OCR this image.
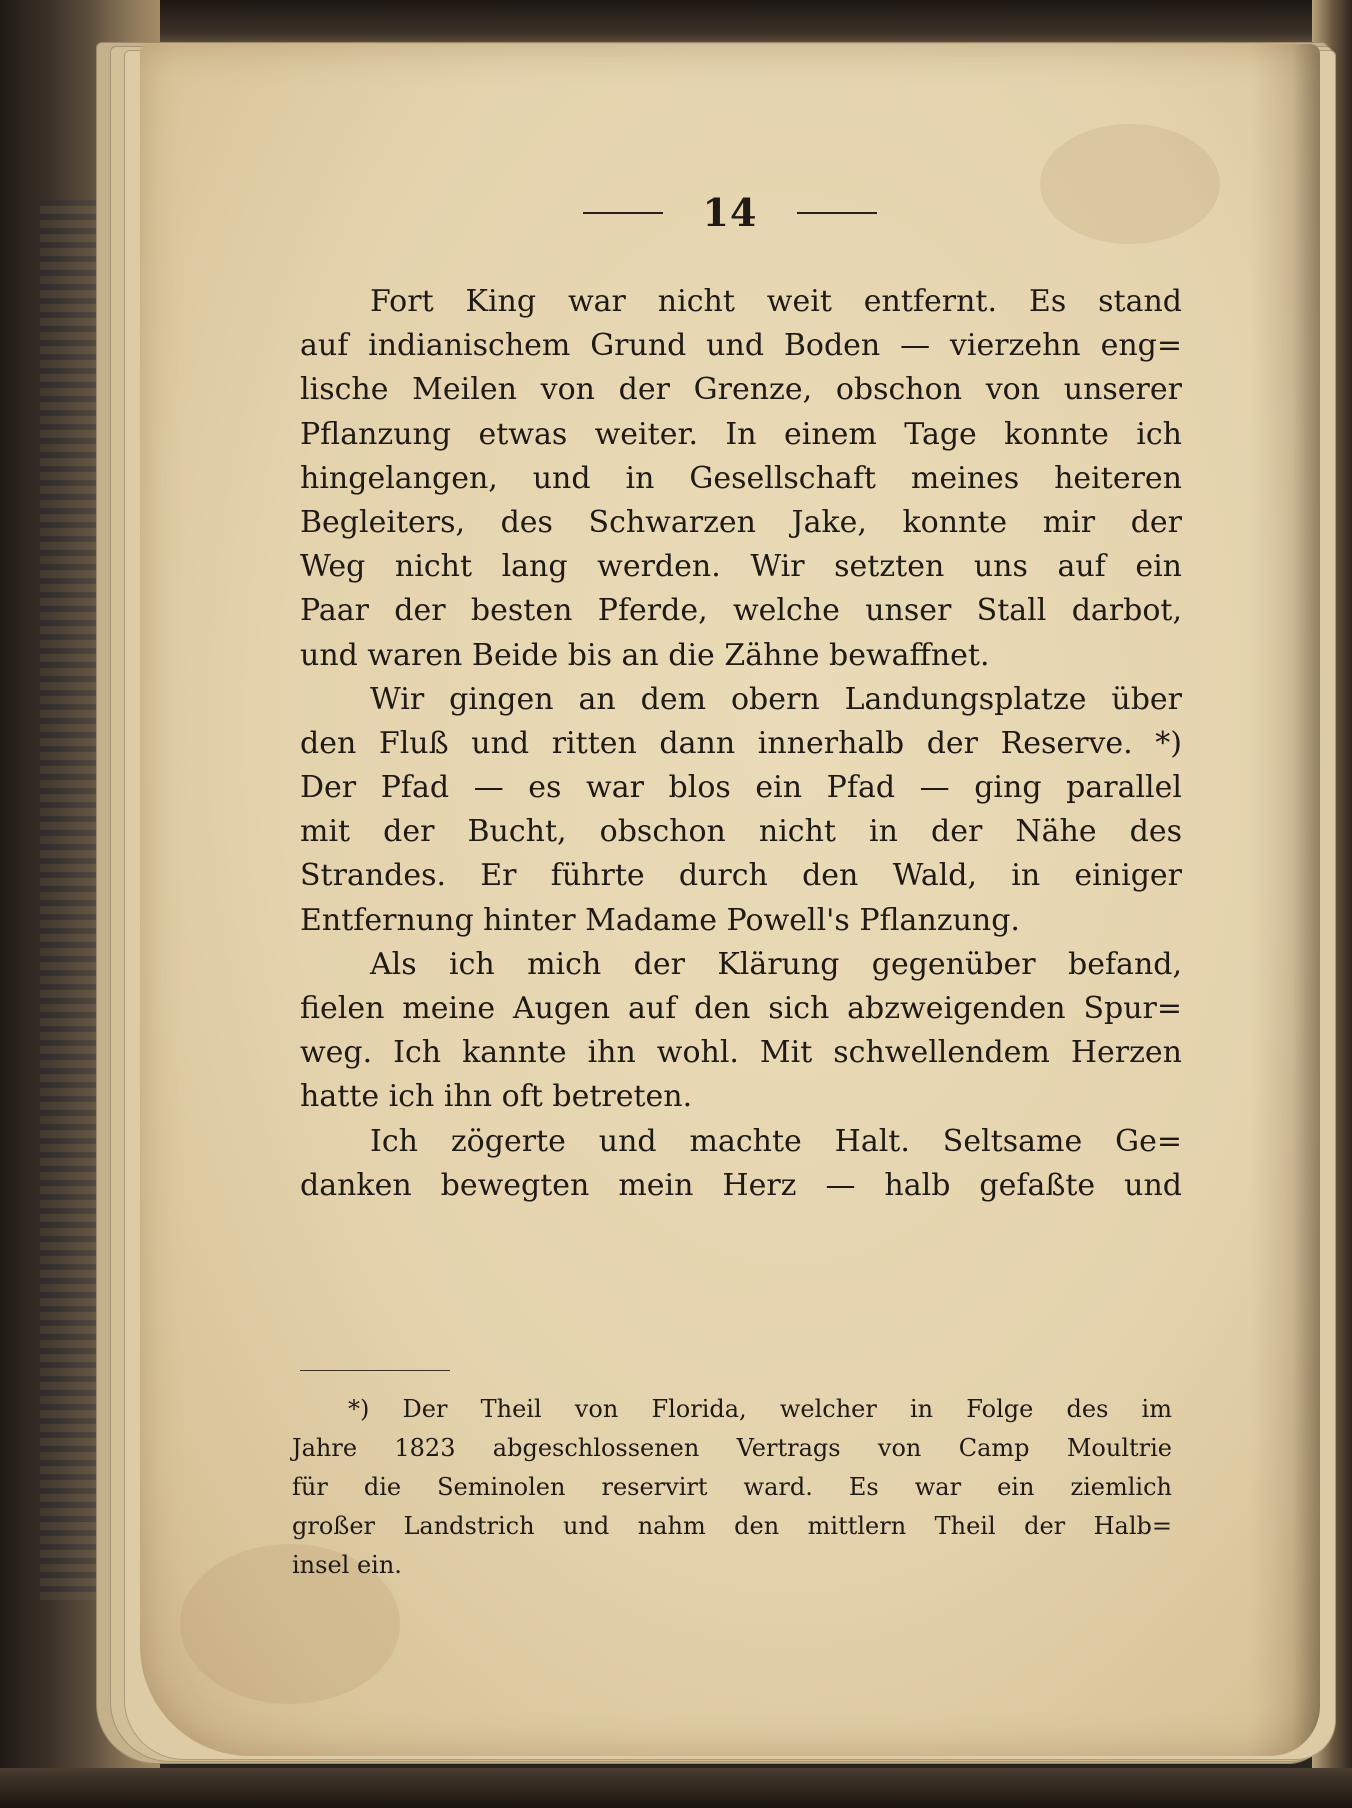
14
Fort King war nicht weit entfernt. Es stand
auf indianischem Grund und Boden — vierzehn eng=
lische Meilen von der Grenze, obschon von unserer
Pflanzung etwas weiter. In einem Tage konnte ich
hingelangen, und in Gesellschaft meines heiteren
Begleiters, des Schwarzen Jake, konnte mir der
Weg nicht lang werden. Wir setzten uns auf ein
Paar der besten Pferde, welche unser Stall darbot,
und waren Beide bis an die Zähne bewaffnet.
Wir gingen an dem obern Landungsplatze über
den Fluß und ritten dann innerhalb der Reserve. *)
Der Pfad — es war blos ein Pfad — ging parallel
mit der Bucht, obschon nicht in der Nähe des
Strandes. Er führte durch den Wald, in einiger
Entfernung hinter Madame Powell's Pflanzung.
Als ich mich der Klärung gegenüber befand,
fielen meine Augen auf den sich abzweigenden Spur=
weg. Ich kannte ihn wohl. Mit schwellendem Herzen
hatte ich ihn oft betreten.
Ich zögerte und machte Halt. Seltsame Ge=
danken bewegten mein Herz — halb gefaßte und
*) Der Theil von Florida, welcher in Folge des im
Jahre 1823 abgeschlossenen Vertrags von Camp Moultrie
für die Seminolen reservirt ward. Es war ein ziemlich
großer Landstrich und nahm den mittlern Theil der Halb=
insel ein.
